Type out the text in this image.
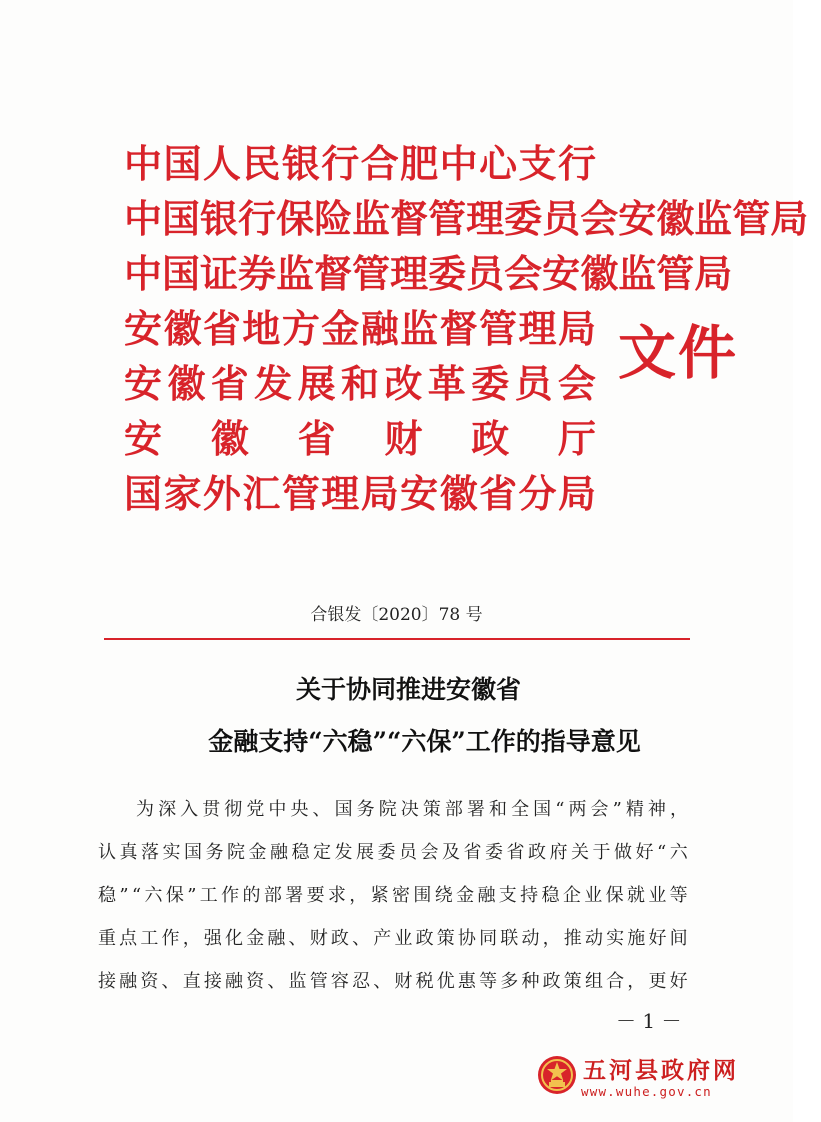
中 国 人 民 银 行 合 肥 中 心 支 行
中 国 银 行 保 险 监 督 管 理 委 员 会 安 徽 监 管 局
中 国 证 券 监 督 管 理 委 员 会 安 徽 监 管 局
安 徽 省 地 方 金 融 监 督 管 理 局
安 徽 省 发 展 和 改 革 委 员 会
安 徽 省 财 政 厅
国 家 外 汇 管 理 局 安 徽 省 分 局
文件
合银发〔2020〕78 号
关于协同推进安徽省
金融支持“六稳”“六保”工作的指导意见
为 深 入 贯 彻 党 中 央 、 国 务 院 决 策 部 署 和 全 国 “ 两 会 ” 精 神 ，
认 真 落 实 国 务 院 金 融 稳 定 发 展 委 员 会 及 省 委 省 政 府 关 于 做 好 “ 六
稳 ” “ 六 保 ” 工 作 的 部 署 要 求 ， 紧 密 围 绕 金 融 支 持 稳 企 业 保 就 业 等
重 点 工 作 ， 强 化 金 融 、 财 政 、 产 业 政 策 协 同 联 动 ， 推 动 实 施 好 间
接 融 资 、 直 接 融 资 、 监 管 容 忍 、 财 税 优 惠 等 多 种 政 策 组 合 ， 更 好
－ 1 －
五河县政府网
www.wuhe.gov.cn
